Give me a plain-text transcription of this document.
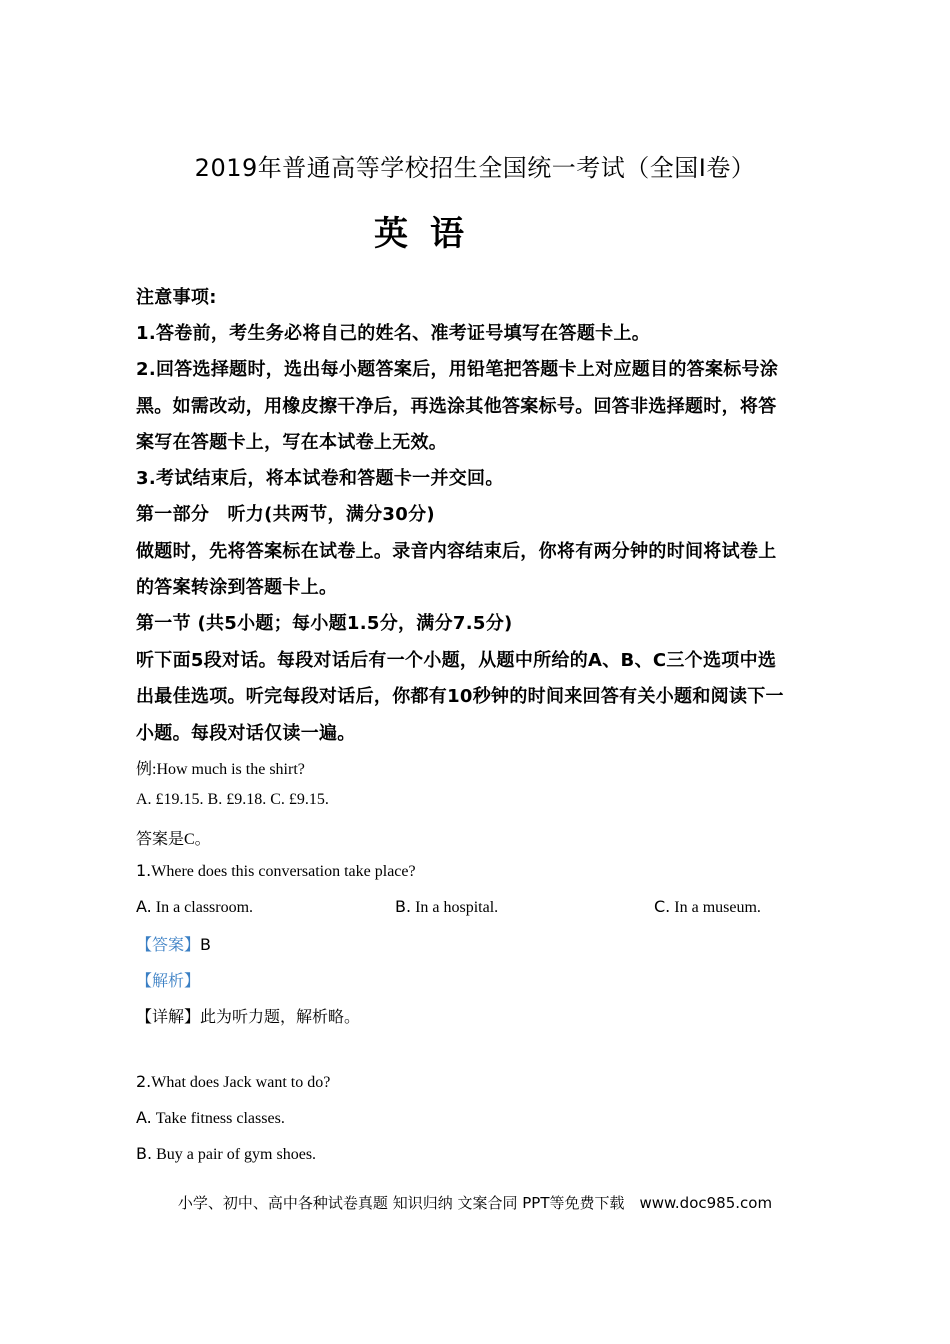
2019年普通高等学校招生全国统一考试（全国Ⅰ卷）
英语
注意事项:
1.答卷前，考生务必将自己的姓名、准考证号填写在答题卡上。
2.回答选择题时，选出每小题答案后，用铅笔把答题卡上对应题目的答案标号涂
黑。如需改动，用橡皮擦干净后，再选涂其他答案标号。回答非选择题时，将答
案写在答题卡上，写在本试卷上无效。
3.考试结束后，将本试卷和答题卡一并交回。
第一部分　听力(共两节，满分30分)
做题时，先将答案标在试卷上。录音内容结束后，你将有两分钟的时间将试卷上
的答案转涂到答题卡上。
第一节 (共5小题；每小题1.5分，满分7.5分)
听下面5段对话。每段对话后有一个小题，从题中所给的A、B、C三个选项中选
出最佳选项。听完每段对话后，你都有10秒钟的时间来回答有关小题和阅读下一
小题。每段对话仅读一遍。
例:How much is the shirt?
A. £19.15. B. £9.18. C. £9.15.
答案是C。
1.Where does this conversation take place?
A. In a classroom.	B. In a hospital.	C. In a museum.
【答案】B
【解析】
【详解】此为听力题，解析略。
2.What does Jack want to do?
A. Take fitness classes.
B. Buy a pair of gym shoes.
小学、初中、高中各种试卷真题 知识归纳 文案合同 PPT等免费下载　www.doc985.com
